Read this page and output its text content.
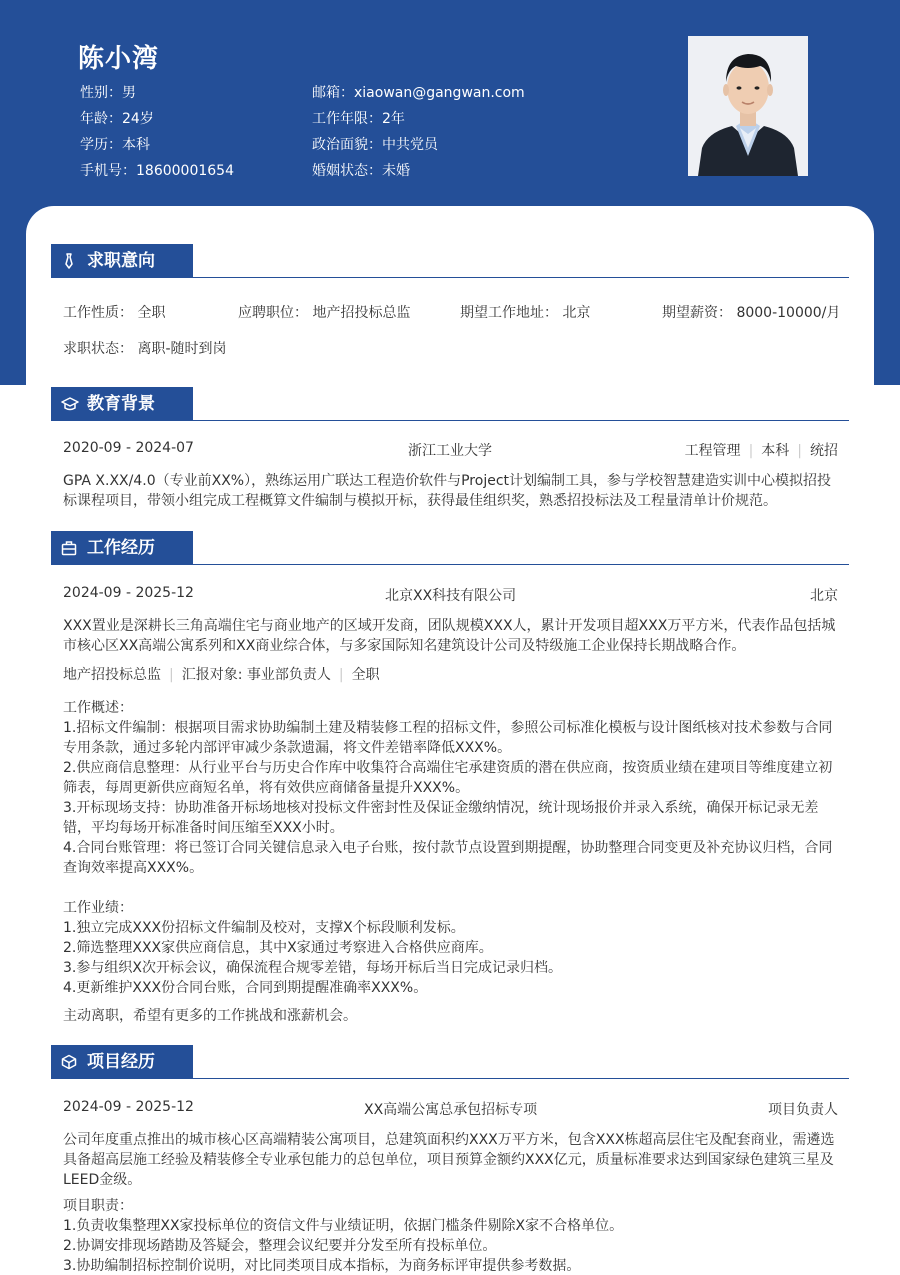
陈小湾
性别：男
年龄：24岁
学历：本科
手机号：18600001654
邮箱：xiaowan@gangwan.com
工作年限：2年
政治面貌：中共党员
婚姻状态：未婚
求职意向
工作性质： 全职	应聘职位： 地产招投标总监	期望工作地址： 北京	期望薪资： 8000-10000/月
求职状态： 离职-随时到岗
教育背景
2020-09 - 2024-07	浙江工业大学	工程管理 | 本科 | 统招
GPA X.XX/4.0（专业前XX%），熟练运用广联达工程造价软件与Project计划编制工具，参与学校智慧建造实训中心模拟招投
标课程项目，带领小组完成工程概算文件编制与模拟开标，获得最佳组织奖，熟悉招投标法及工程量清单计价规范。
工作经历
2024-09 - 2025-12	北京XX科技有限公司	北京
XXX置业是深耕长三角高端住宅与商业地产的区域开发商，团队规模XXX人，累计开发项目超XXX万平方米，代表作品包括城
市核心区XX高端公寓系列和XX商业综合体，与多家国际知名建筑设计公司及特级施工企业保持长期战略合作。
地产招投标总监 | 汇报对象: 事业部负责人 | 全职
工作概述：
1.招标文件编制：根据项目需求协助编制土建及精装修工程的招标文件，参照公司标准化模板与设计图纸核对技术参数与合同
专用条款，通过多轮内部评审减少条款遗漏，将文件差错率降低XXX%。
2.供应商信息整理：从行业平台与历史合作库中收集符合高端住宅承建资质的潜在供应商，按资质业绩在建项目等维度建立初
筛表，每周更新供应商短名单，将有效供应商储备量提升XXX%。
3.开标现场支持：协助准备开标场地核对投标文件密封性及保证金缴纳情况，统计现场报价并录入系统，确保开标记录无差
错，平均每场开标准备时间压缩至XXX小时。
4.合同台账管理：将已签订合同关键信息录入电子台账，按付款节点设置到期提醒，协助整理合同变更及补充协议归档，合同
查询效率提高XXX%。
工作业绩：
1.独立完成XXX份招标文件编制及校对，支撑X个标段顺利发标。
2.筛选整理XXX家供应商信息，其中X家通过考察进入合格供应商库。
3.参与组织X次开标会议，确保流程合规零差错，每场开标后当日完成记录归档。
4.更新维护XXX份合同台账，合同到期提醒准确率XXX%。
主动离职，希望有更多的工作挑战和涨薪机会。
项目经历
2024-09 - 2025-12	XX高端公寓总承包招标专项	项目负责人
公司年度重点推出的城市核心区高端精装公寓项目，总建筑面积约XXX万平方米，包含XXX栋超高层住宅及配套商业，需遴选
具备超高层施工经验及精装修全专业承包能力的总包单位，项目预算金额约XXX亿元，质量标准要求达到国家绿色建筑三星及
LEED金级。
项目职责：
1.负责收集整理XX家投标单位的资信文件与业绩证明，依据门槛条件剔除X家不合格单位。
2.协调安排现场踏勘及答疑会，整理会议纪要并分发至所有投标单位。
3.协助编制招标控制价说明，对比同类项目成本指标，为商务标评审提供参考数据。
